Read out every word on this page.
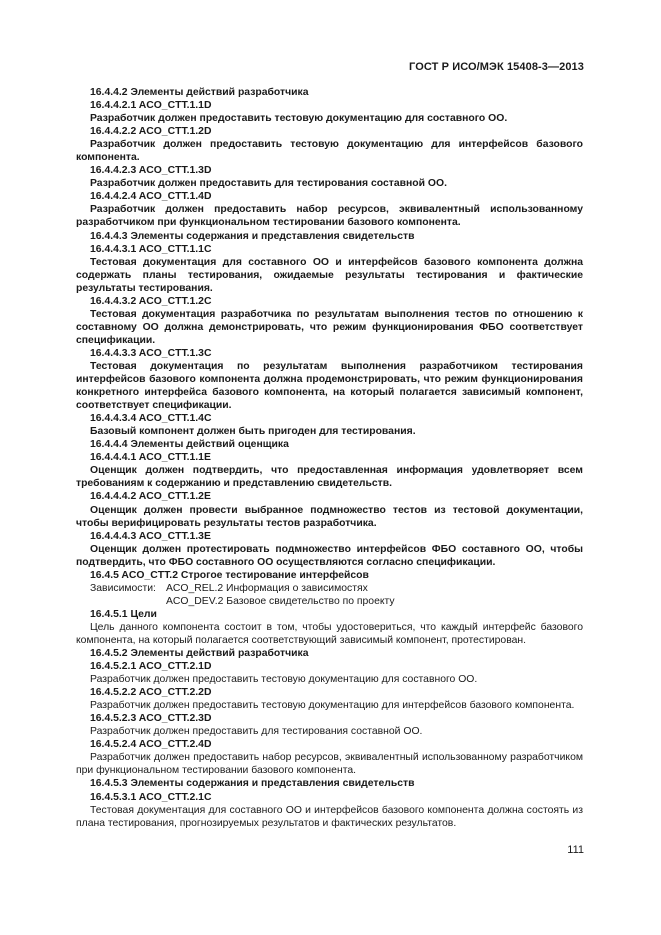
ГОСТ Р ИСО/МЭК 15408-3—2013

16.4.4.2 Элементы действий разработчика

16.4.4.2.1 ACO_CTT.1.1D

Разработчик должен предоставить тестовую документацию для составного ОО.

16.4.4.2.2 ACO_CTT.1.2D

Разработчик должен предоставить тестовую документацию для интерфейсов базового компонента.

16.4.4.2.3 ACO_CTT.1.3D

Разработчик должен предоставить для тестирования составной ОО.

16.4.4.2.4 ACO_CTT.1.4D

Разработчик должен предоставить набор ресурсов, эквивалентный использованному разработчиком при функциональном тестировании базового компонента.

16.4.4.3 Элементы содержания и представления свидетельств

16.4.4.3.1 ACO_CTT.1.1C

Тестовая документация для составного ОО и интерфейсов базового компонента должна содержать планы тестирования, ожидаемые результаты тестирования и фактические результаты тестирования.

16.4.4.3.2 ACO_CTT.1.2C

Тестовая документация разработчика по результатам выполнения тестов по отношению к составному ОО должна демонстрировать, что режим функционирования ФБО соответствует спецификации.

16.4.4.3.3 ACO_CTT.1.3C

Тестовая документация по результатам выполнения разработчиком тестирования интерфейсов базового компонента должна продемонстрировать, что режим функционирования конкретного интерфейса базового компонента, на который полагается зависимый компонент, соответствует спецификации.

16.4.4.3.4 ACO_CTT.1.4C

Базовый компонент должен быть пригоден для тестирования.

16.4.4.4 Элементы действий оценщика

16.4.4.4.1 ACO_CTT.1.1E

Оценщик должен подтвердить, что предоставленная информация удовлетворяет всем требованиям к содержанию и представлению свидетельств.

16.4.4.4.2 ACO_CTT.1.2E

Оценщик должен провести выбранное подмножество тестов из тестовой документации, чтобы верифицировать результаты тестов разработчика.

16.4.4.4.3 ACO_CTT.1.3E

Оценщик должен протестировать подмножество интерфейсов ФБО составного ОО, чтобы подтвердить, что ФБО составного ОО осуществляются согласно спецификации.

16.4.5 ACO_CTT.2 Строгое тестирование интерфейсов

Зависимости: ACO_REL.2 Информация о зависимостях
ACO_DEV.2 Базовое свидетельство по проекту

16.4.5.1 Цели

Цель данного компонента состоит в том, чтобы удостовериться, что каждый интерфейс базового компонента, на который полагается соответствующий зависимый компонент, протестирован.

16.4.5.2 Элементы действий разработчика

16.4.5.2.1 ACO_CTT.2.1D

Разработчик должен предоставить тестовую документацию для составного ОО.

16.4.5.2.2 ACO_CTT.2.2D

Разработчик должен предоставить тестовую документацию для интерфейсов базового компонента.

16.4.5.2.3 ACO_CTT.2.3D

Разработчик должен предоставить для тестирования составной ОО.

16.4.5.2.4 ACO_CTT.2.4D

Разработчик должен предоставить набор ресурсов, эквивалентный использованному разработчиком при функциональном тестировании базового компонента.

16.4.5.3 Элементы содержания и представления свидетельств

16.4.5.3.1 ACO_CTT.2.1C

Тестовая документация для составного ОО и интерфейсов базового компонента должна состоять из плана тестирования, прогнозируемых результатов и фактических результатов.

111
